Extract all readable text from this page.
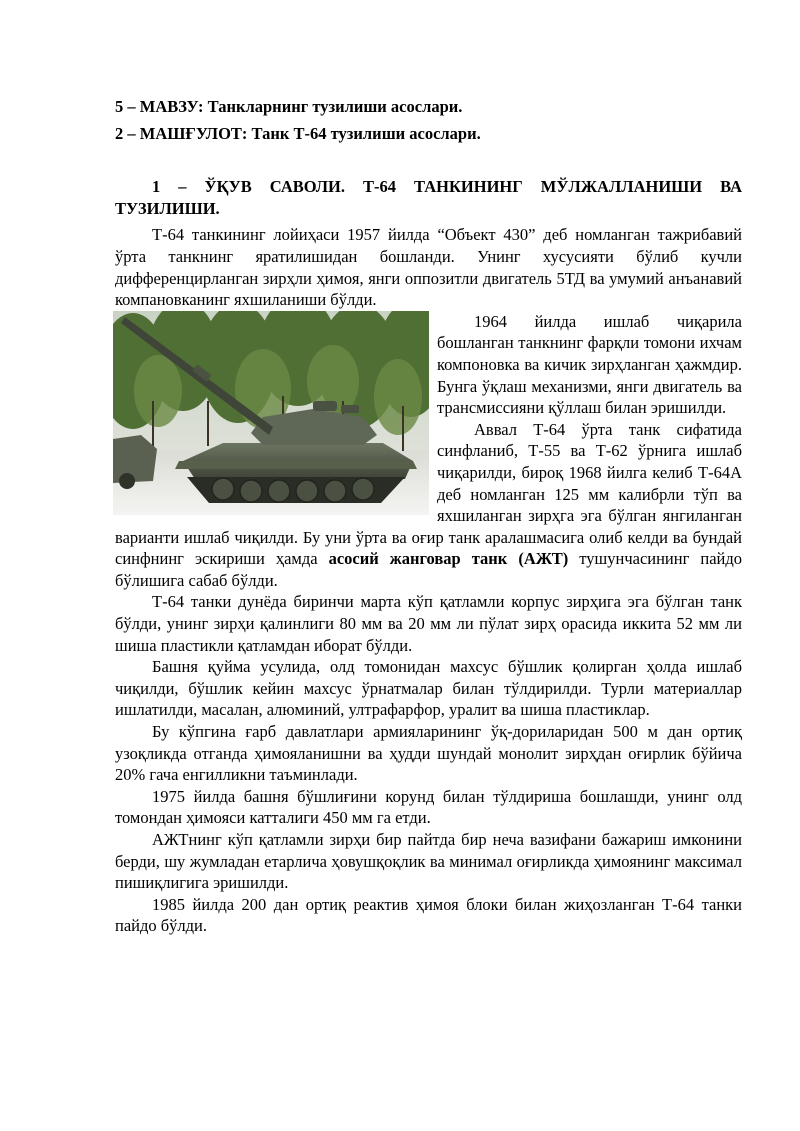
5 – МАВЗУ: Танкларнинг тузилиши асослари.

2 – МАШҒУЛОТ: Танк Т-64 тузилиши асослари.

1 – ЎҚУВ САВОЛИ. Т-64 ТАНКИНИНГ МЎЛЖАЛЛАНИШИ ВА ТУЗИЛИШИ.

Т-64 танкининг лойиҳаси 1957 йилда “Объект 430” деб номланган тажрибавий ўрта танкнинг яратилишидан бошланди. Унинг хусусияти бўлиб кучли дифференцирланган зирҳли ҳимоя, янги оппозитли двигатель 5ТД ва умумий анъанавий компановканинг яхшиланиши бўлди.

1964 йилда ишлаб чиқарила бошланган танкнинг фарқли томони ихчам компоновка ва кичик зирҳланган ҳажмдир. Бунга ўқлаш механизми, янги двигатель ва трансмиссияни қўллаш билан эришилди.

Аввал Т-64 ўрта танк сифатида синфланиб, Т-55 ва Т-62 ўрнига ишлаб чиқарилди, бироқ 1968 йилга келиб Т-64А деб номланган 125 мм калибрли тўп ва яхшиланган зирҳга эга бўлган янгиланган варианти ишлаб чиқилди. Бу уни ўрта ва оғир танк аралашмасига олиб келди ва бундай синфнинг эскириши ҳамда асосий жанговар танк (АЖТ) тушунчасининг пайдо бўлишига сабаб бўлди.

Т-64 танки дунёда биринчи марта кўп қатламли корпус зирҳига эга бўлган танк бўлди, унинг зирҳи қалинлиги 80 мм ва 20 мм ли пўлат зирҳ орасида иккита 52 мм ли шиша пластикли қатламдан иборат бўлди.

Башня қуйма усулида, олд томонидан махсус бўшлик қолирган ҳолда ишлаб чиқилди, бўшлик кейин махсус ўрнатмалар билан тўлдирилди. Турли материаллар ишлатилди, масалан, алюминий, ултрафарфор, уралит ва шиша пластиклар.

Бу кўпгина ғарб давлатлари армияларининг ўқ-дориларидан 500 м дан ортиқ узоқликда отганда ҳимояланишни ва ҳудди шундай монолит зирҳдан оғирлик бўйича 20% гача енгилликни таъминлади.

1975 йилда башня бўшлиғини корунд билан тўлдириша бошлашди, унинг олд томондан ҳимояси катталиги 450 мм га етди.

АЖТнинг кўп қатламли зирҳи бир пайтда бир неча вазифани бажариш имконини берди, шу жумладан етарлича ҳовушқоқлик ва минимал оғирликда ҳимоянинг максимал пишиқлигига эришилди.

1985 йилда 200 дан ортиқ реактив ҳимоя блоки билан жиҳозланган Т-64 танки пайдо бўлди.
